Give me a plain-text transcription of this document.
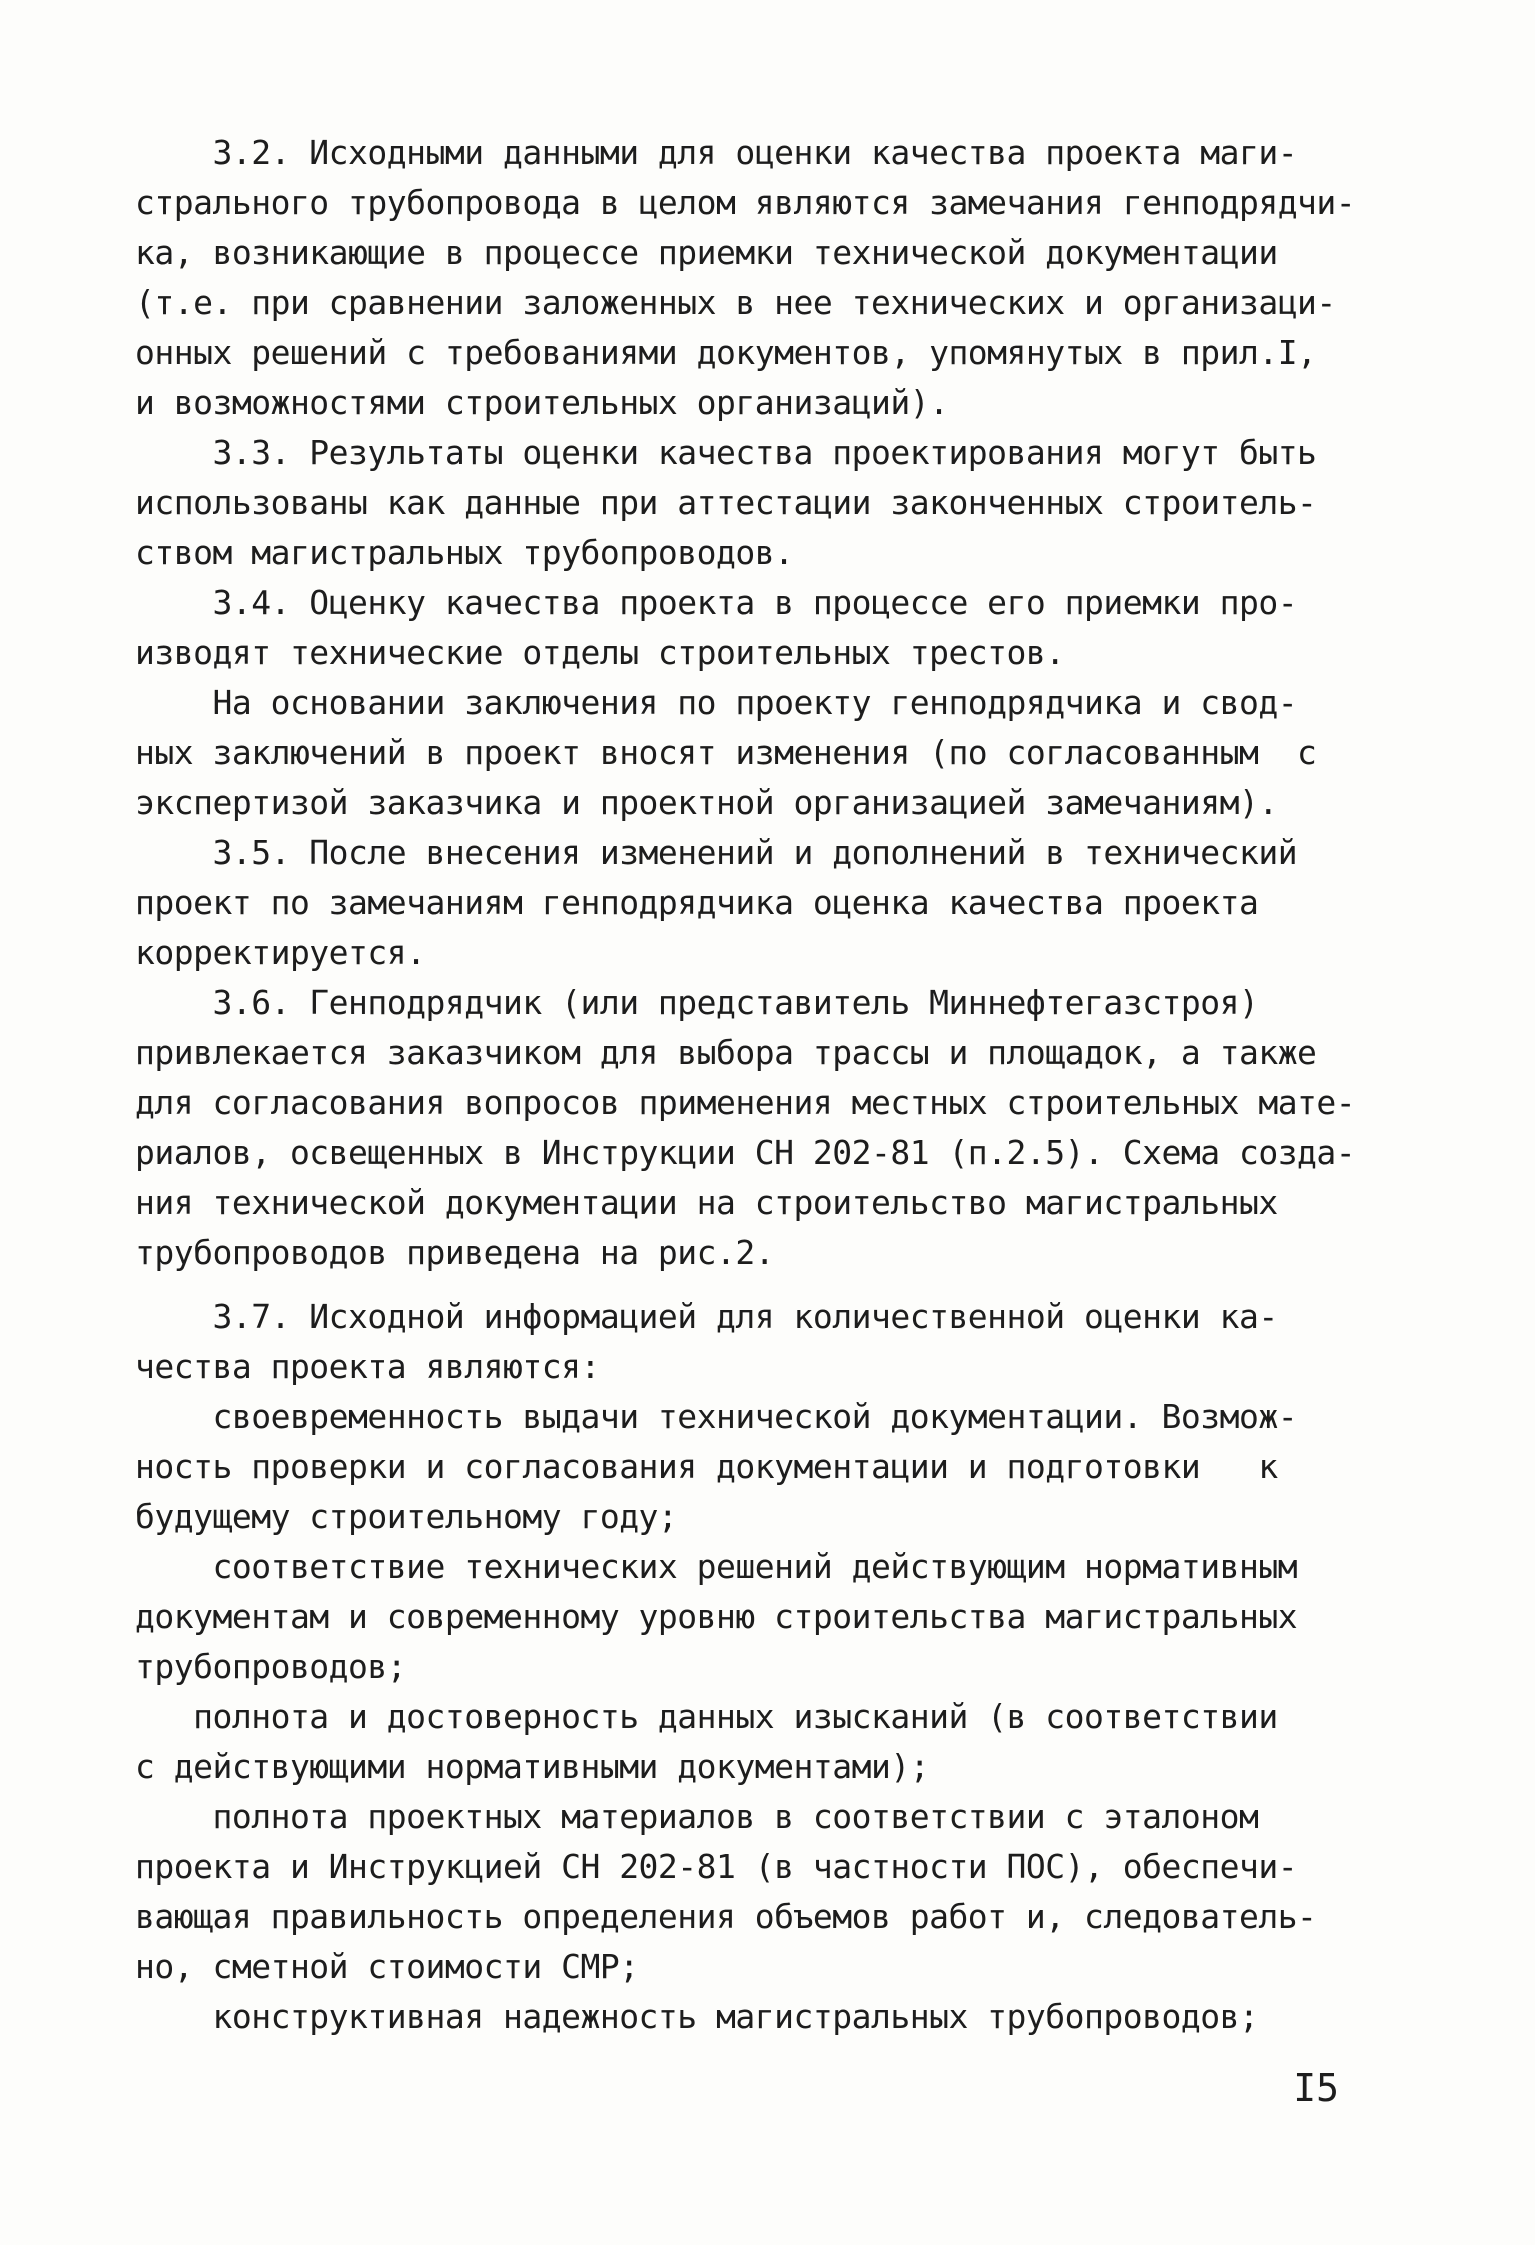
3.2. Исходными данными для оценки качества проекта маги-
стрального трубопровода в целом являются замечания генподрядчи-
ка, возникающие в процессе приемки технической документации
(т.е. при сравнении заложенных в нее технических и организаци-
онных решений с требованиями документов, упомянутых в прил.I,
и возможностями строительных организаций).
3.3. Результаты оценки качества проектирования могут быть
использованы как данные при аттестации законченных строитель-
ством магистральных трубопроводов.
3.4. Оценку качества проекта в процессе его приемки про-
изводят технические отделы строительных трестов.
На основании заключения по проекту генподрядчика и свод-
ных заключений в проект вносят изменения (по согласованным  с
экспертизой заказчика и проектной организацией замечаниям).
3.5. После внесения изменений и дополнений в технический
проект по замечаниям генподрядчика оценка качества проекта
корректируется.
3.6. Генподрядчик (или представитель Миннефтегазстроя)
привлекается заказчиком для выбора трассы и площадок, а также
для согласования вопросов применения местных строительных мате-
риалов, освещенных в Инструкции СН 202-81 (п.2.5). Схема созда-
ния технической документации на строительство магистральных
трубопроводов приведена на рис.2.
3.7. Исходной информацией для количественной оценки ка-
чества проекта являются:
своевременность выдачи технической документации. Возмож-
ность проверки и согласования документации и подготовки   к
будущему строительному году;
соответствие технических решений действующим нормативным
документам и современному уровню строительства магистральных
трубопроводов;
полнота и достоверность данных изысканий (в соответствии
с действующими нормативными документами);
полнота проектных материалов в соответствии с эталоном
проекта и Инструкцией СН 202-81 (в частности ПОС), обеспечи-
вающая правильность определения объемов работ и, следователь-
но, сметной стоимости СМР;
конструктивная надежность магистральных трубопроводов;
I5
